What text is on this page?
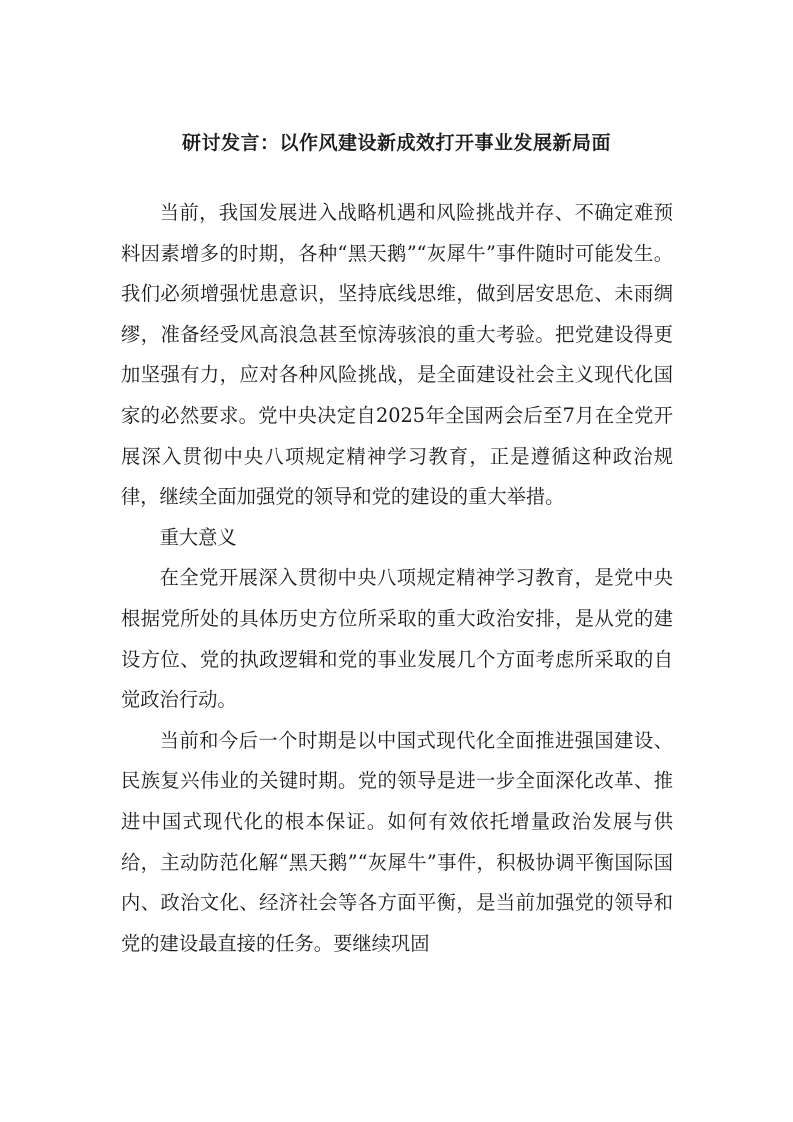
研讨发言：以作风建设新成效打开事业发展新局面

当前，我国发展进入战略机遇和风险挑战并存、不确定难预料因素增多的时期，各种“黑天鹅”“灰犀牛”事件随时可能发生。我们必须增强忧患意识，坚持底线思维，做到居安思危、未雨绸缪，准备经受风高浪急甚至惊涛骇浪的重大考验。把党建设得更加坚强有力，应对各种风险挑战，是全面建设社会主义现代化国家的必然要求。党中央决定自2025年全国两会后至7月在全党开展深入贯彻中央八项规定精神学习教育，正是遵循这种政治规律，继续全面加强党的领导和党的建设的重大举措。

重大意义

在全党开展深入贯彻中央八项规定精神学习教育，是党中央根据党所处的具体历史方位所采取的重大政治安排，是从党的建设方位、党的执政逻辑和党的事业发展几个方面考虑所采取的自觉政治行动。

当前和今后一个时期是以中国式现代化全面推进强国建设、民族复兴伟业的关键时期。党的领导是进一步全面深化改革、推进中国式现代化的根本保证。如何有效依托增量政治发展与供给，主动防范化解“黑天鹅”“灰犀牛”事件，积极协调平衡国际国内、政治文化、经济社会等各方面平衡，是当前加强党的领导和党的建设最直接的任务。要继续巩固
